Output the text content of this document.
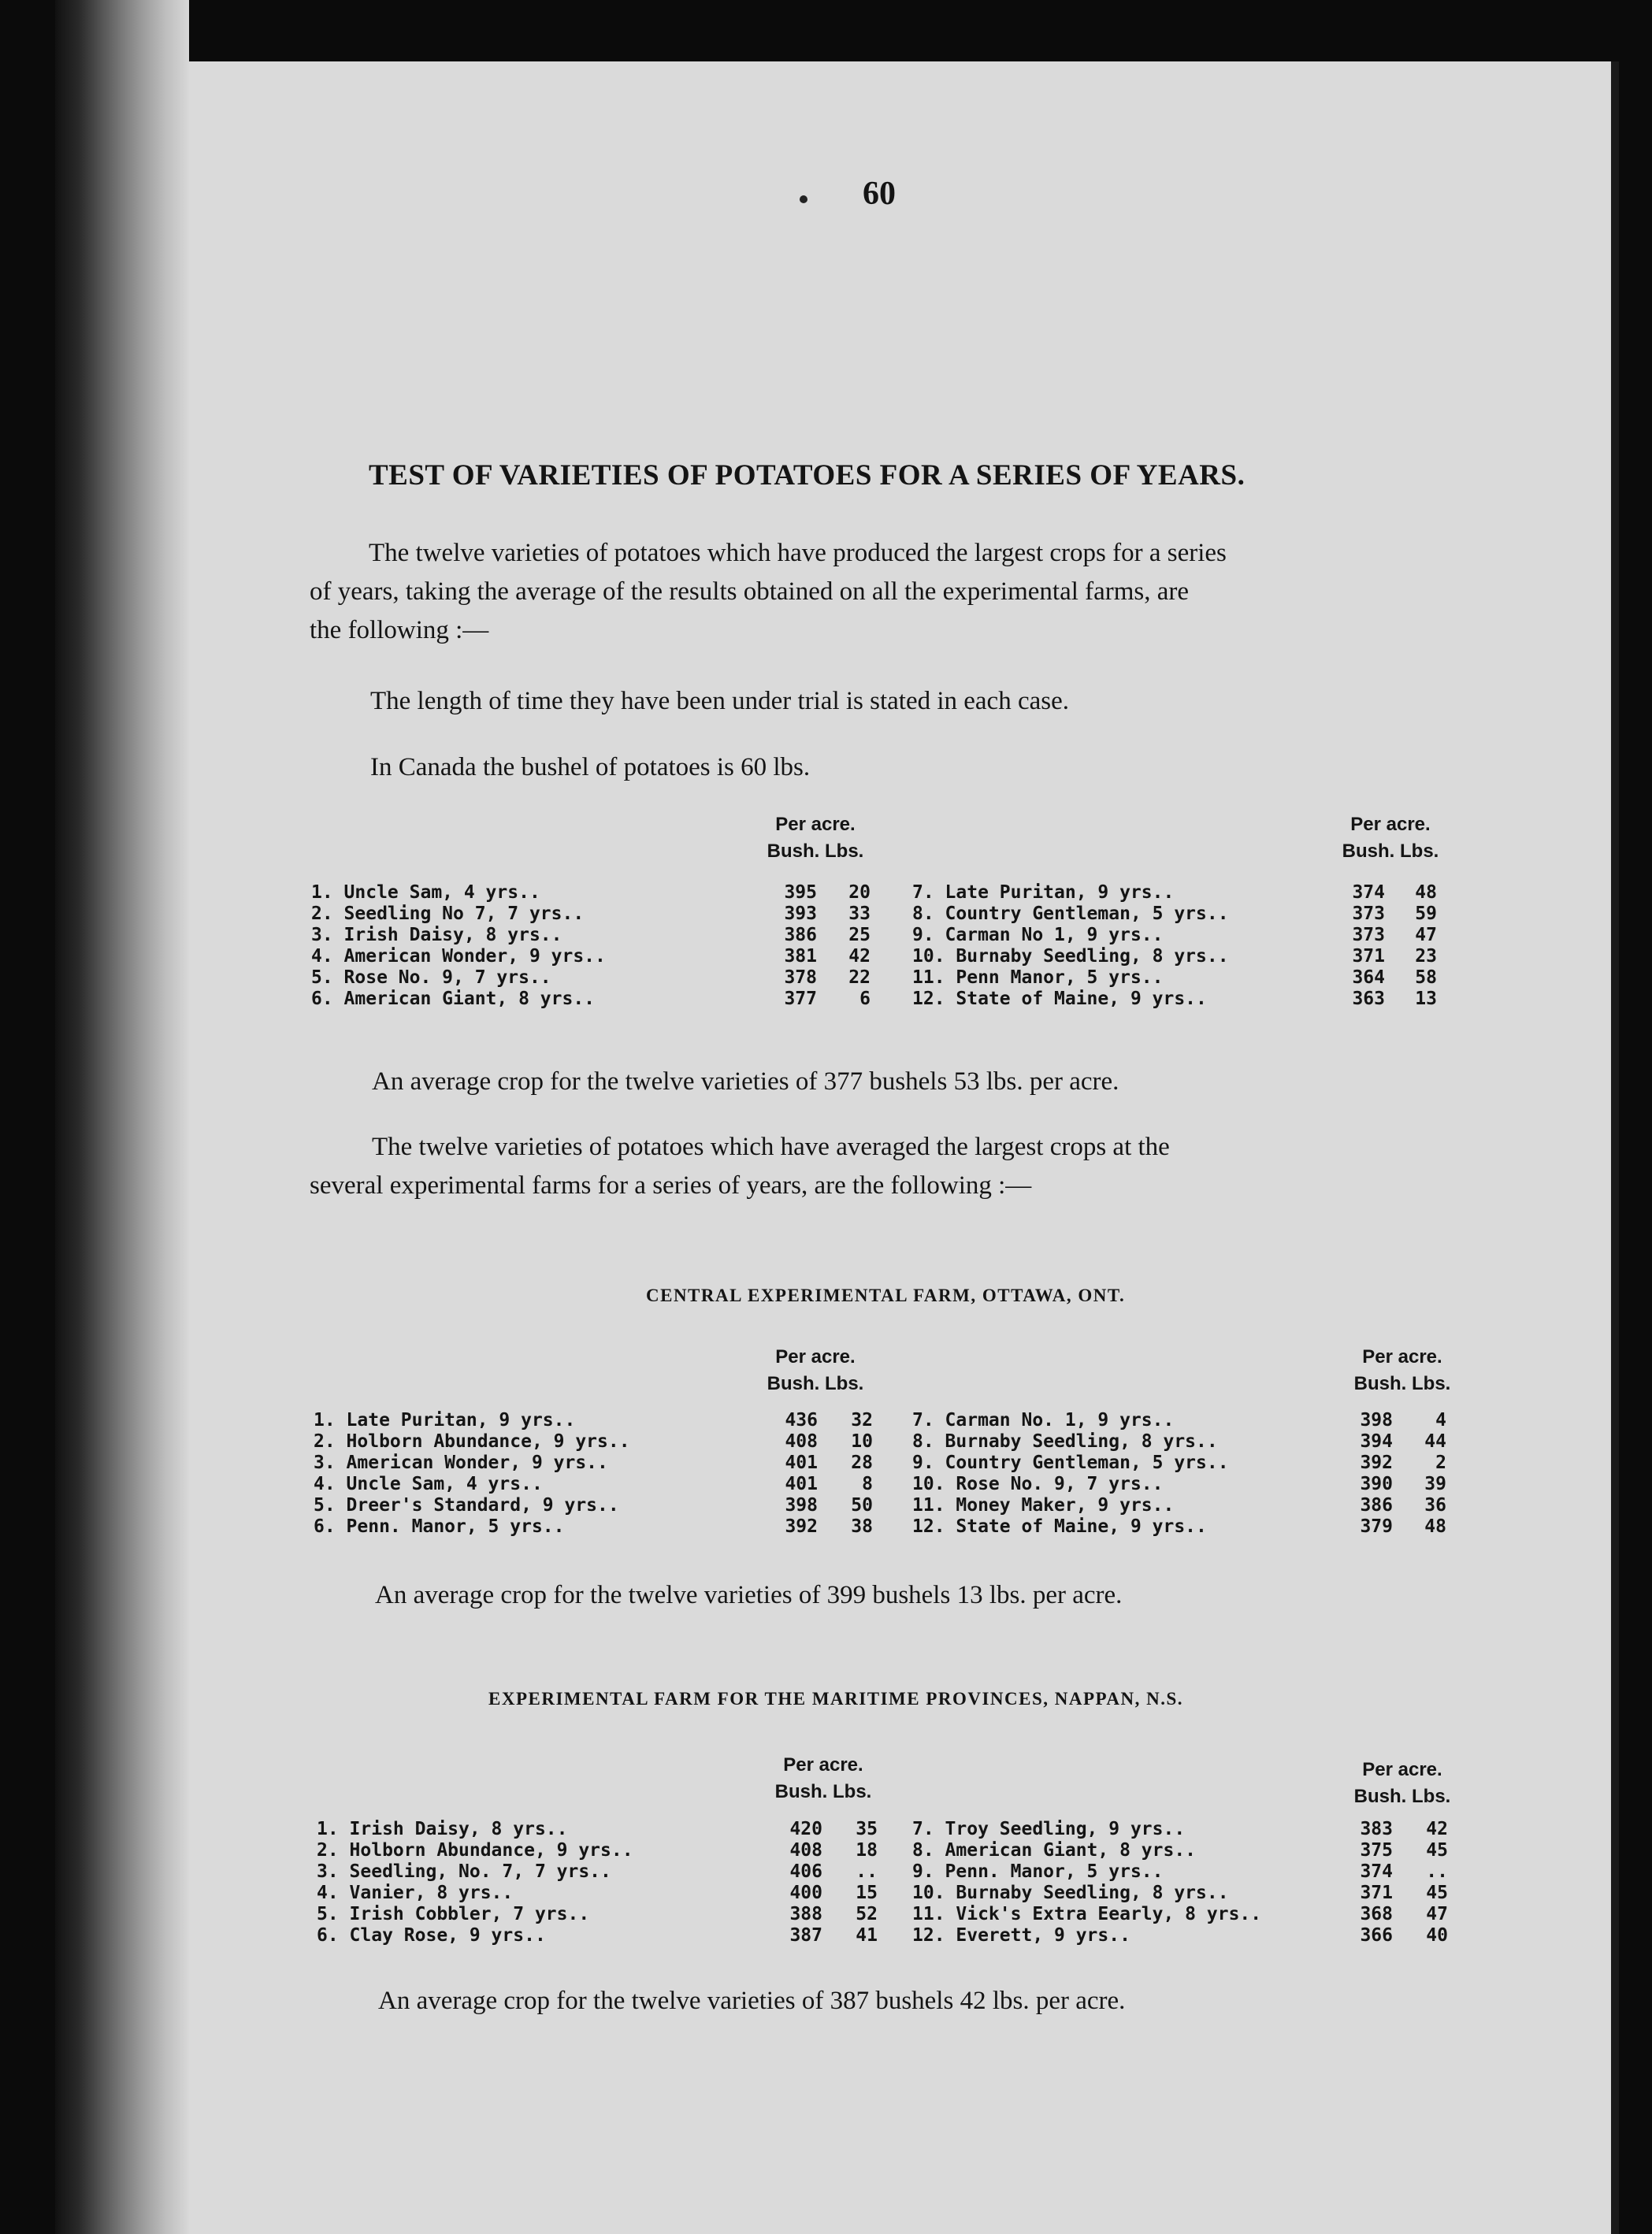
60
TEST OF VARIETIES OF POTATOES FOR A SERIES OF YEARS.
The twelve varieties of potatoes which have produced the largest crops for a series
of years, taking the average of the results obtained on all the experimental farms, are
the following :—
The length of time they have been under trial is stated in each case.
In Canada the bushel of potatoes is 60 lbs.
Per acre.
Bush. Lbs.
Per acre.
Bush. Lbs.
1. Uncle Sam, 4 yrs..	395	20
2. Seedling No 7, 7 yrs..	393	33
3. Irish Daisy, 8 yrs..	386	25
4. American Wonder, 9 yrs..	381	42
5. Rose No. 9, 7 yrs..	378	22
6. American Giant, 8 yrs..	377	6
7. Late Puritan, 9 yrs..	374	48
8. Country Gentleman, 5 yrs..	373	59
9. Carman No 1, 9 yrs..	373	47
10. Burnaby Seedling, 8 yrs..	371	23
11. Penn Manor, 5 yrs..	364	58
12. State of Maine, 9 yrs..	363	13
An average crop for the twelve varieties of 377 bushels 53 lbs. per acre.
The twelve varieties of potatoes which have averaged the largest crops at the
several experimental farms for a series of years, are the following :—
CENTRAL EXPERIMENTAL FARM, OTTAWA, ONT.
Per acre.
Bush. Lbs.
Per acre.
Bush. Lbs.
1. Late Puritan, 9 yrs..	436	32
2. Holborn Abundance, 9 yrs..	408	10
3. American Wonder, 9 yrs..	401	28
4. Uncle Sam, 4 yrs..	401	8
5. Dreer's Standard, 9 yrs..	398	50
6. Penn. Manor, 5 yrs..	392	38
7. Carman No. 1, 9 yrs..	398	4
8. Burnaby Seedling, 8 yrs..	394	44
9. Country Gentleman, 5 yrs..	392	2
10. Rose No. 9, 7 yrs..	390	39
11. Money Maker, 9 yrs..	386	36
12. State of Maine, 9 yrs..	379	48
An average crop for the twelve varieties of 399 bushels 13 lbs. per acre.
EXPERIMENTAL FARM FOR THE MARITIME PROVINCES, NAPPAN, N.S.
Per acre.
Bush. Lbs.
Per acre.
Bush. Lbs.
1. Irish Daisy, 8 yrs..	420	35
2. Holborn Abundance, 9 yrs..	408	18
3. Seedling, No. 7, 7 yrs..	406	..
4. Vanier, 8 yrs..	400	15
5. Irish Cobbler, 7 yrs..	388	52
6. Clay Rose, 9 yrs..	387	41
7. Troy Seedling, 9 yrs..	383	42
8. American Giant, 8 yrs..	375	45
9. Penn. Manor, 5 yrs..	374	..
10. Burnaby Seedling, 8 yrs..	371	45
11. Vick's Extra Eearly, 8 yrs..	368	47
12. Everett, 9 yrs..	366	40
An average crop for the twelve varieties of 387 bushels 42 lbs. per acre.
